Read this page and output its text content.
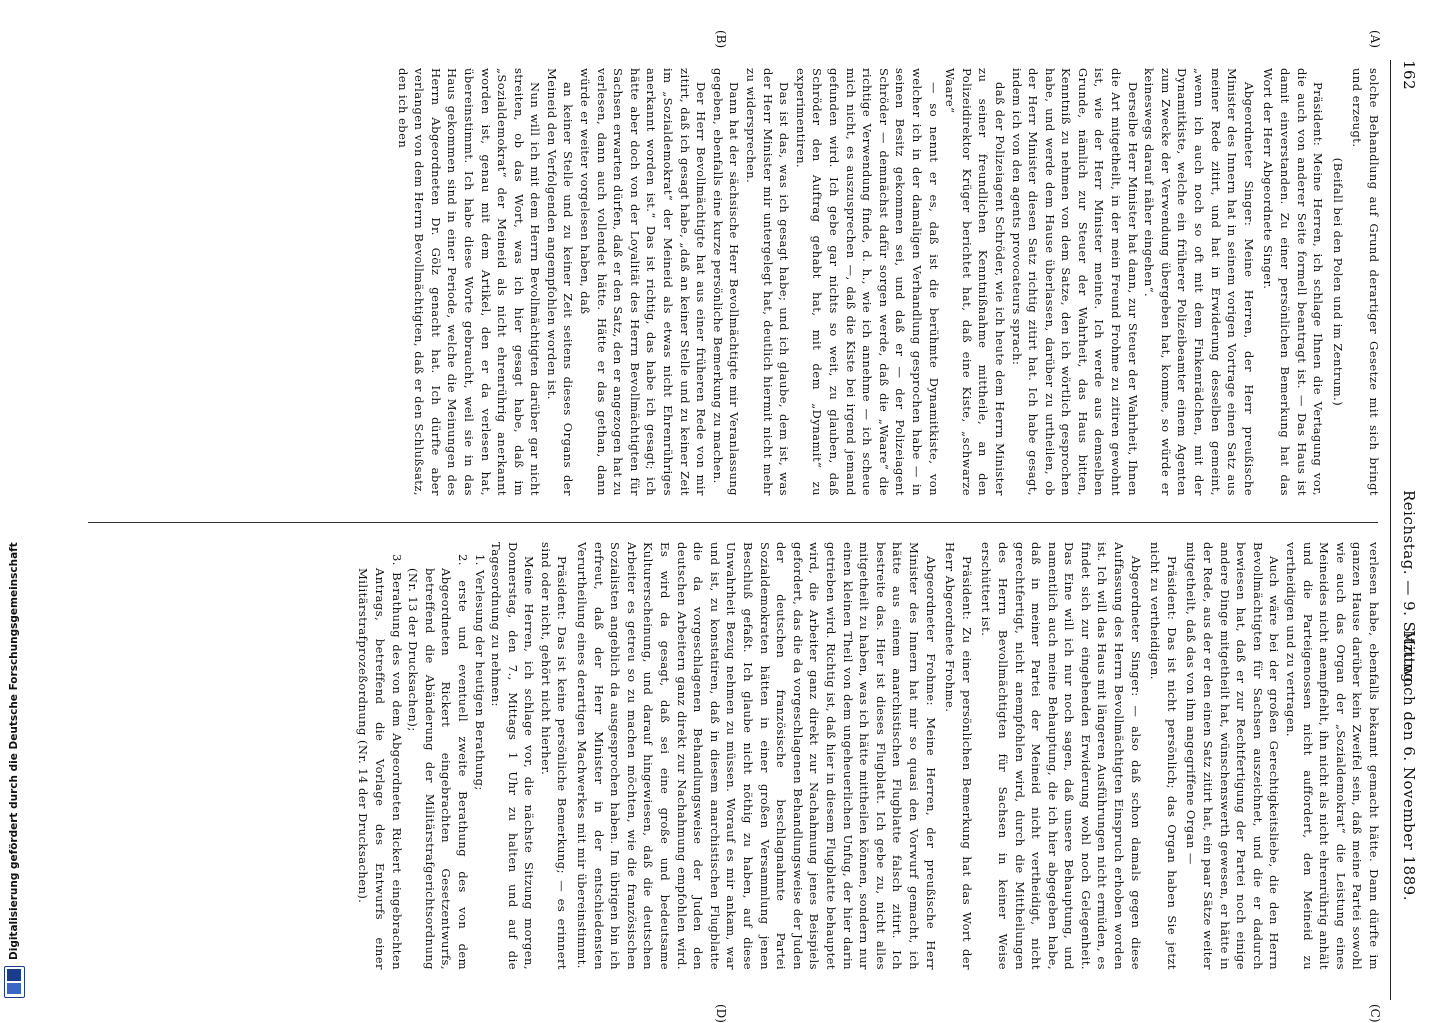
162
Reichstag. — 9. Sitzung.
Mittwoch den 6. November 1889.
(A)
(B)
(C)
(D)

solche Behandlung auf Grund derartiger Gesetze mit sich bringt und erzeugt.

(Beifall bei den Polen und im Zentrum.)

Präsident: Meine Herren, ich schlage Ihnen die Vertagung vor, die auch von anderer Seite formell beantragt ist. — Das Haus ist damit einverstanden. Zu einer persönlichen Bemerkung hat das Wort der Herr Abgeordnete Singer.

Abgeordneter Singer: Meine Herren, der Herr preußische Minister des Innern hat in seinem vorigen Vortrage einen Satz aus meiner Rede zitirt, und hat in Erwiderung desselben gemeint, „wenn ich auch noch so oft mit dem Finkenrädchen, mit der Dynamitkiste, welche ein früherer Polizeibeamter einem Agenten zum Zwecke der Verwendung übergeben hat, komme, so würde er keineswegs darauf näher eingehen“.

Derselbe Herr Minister hat dann, zur Steuer der Wahrheit, Ihnen die Art mitgetheilt, in der mein Freund Frohme zu zitiren gewohnt ist, wie der Herr Minister meinte. Ich werde aus demselben Grunde, nämlich zur Steuer der Wahrheit, das Haus bitten, Kenntniß zu nehmen von dem Satze, den ich wörtlich gesprochen habe, und werde dem Hause überlassen, darüber zu urtheilen, ob der Herr Minister diesen Satz richtig zitirt hat. Ich habe gesagt, indem ich von den agents provocateurs sprach:

daß der Polizeiagent Schröder, wie ich heute dem Herrn Minister zu seiner freundlichen Kenntnißnahme mittheile, an den Polizeidirektor Krüger berichtet hat, daß eine Kiste, „schwarze Waare“

— so nennt er es, daß ist die berühmte Dynamitkiste, von welcher ich in der damaligen Verhandlung gesprochen habe — in seinen Besitz gekommen sei, und daß er — der Polizeiagent Schröder — demnächst dafür sorgen werde, daß die „Waare“ die richtige Verwendung finde, d. h., wie ich annehme — ich scheue mich nicht, es auszusprechen —, daß die Kiste bei irgend jemand gefunden wird. Ich gebe gar nichts so weit, zu glauben, daß Schröder den Auftrag gehabt hat, mit dem „Dynamit“ zu experimentiren.

Das ist das, was ich gesagt habe; und ich glaube, dem ist, was der Herr Minister mir untergelegt hat, deutlich hiermit nicht mehr zu widersprechen.

Dann hat der sächsische Herr Bevollmächtigte mir Veranlassung gegeben, ebenfalls eine kurze persönliche Bemerkung zu machen.

Der Herr Bevollmächtigte hat aus einer früheren Rede von mir zitirt, daß ich gesagt habe, „daß an keiner Stelle und zu keiner Zeit im „Sozialdemokrat“ der Meineid als etwas nicht Ehrenrühriges anerkannt worden ist.“ Das ist richtig, das habe ich gesagt; ich hätte aber doch von der Loyalität des Herrn Bevollmächtigten für Sachsen erwarten dürfen, daß er den Satz, den er angezogen hat zu verlesen, dann auch vollendet hätte. Hätte er das gethan, dann würde er weiter vorgelesen haben, daß

an keiner Stelle und zu keiner Zeit seitens dieses Organs der Meineid den Verfolgenden angempfohlen worden ist.

Nun will ich mit dem Herrn Bevollmächtigten darüber gar nicht streiten, ob das Wort, was ich hier gesagt habe, daß im „Sozialdemokrat“ der Meineid als nicht ehrenrührig anerkannt worden ist, genau mit dem Artikel, den er da verlesen hat, übereinstimmt. Ich habe diese Worte gebraucht, weil sie in das Haus gekommen sind in einer Periode, welche die Meinungen des Herrn Abgeordneten Dr. Gölz genacht hat. Ich dürfte aber verlangen von dem Herrn Bevollmächtigten, daß er den Schlußsatz, den ich eben

verlesen habe, ebenfalls bekannt gemacht hätte. Dann dürfte im ganzen Hause darüber kein Zweifel sein, daß meine Partei sowohl wie auch das Organ der „Sozialdemokrat“ die Leistung eines Meineides nicht anempfiehlt, ihn nicht als nicht ehrenrührig anhält und die Parteigenossen nicht auffordert, den Meineid zu vertheidigen und zu vertragen.

Auch wäre bei der großen Gerechtigkeitsliebe, die den Herrn Bevollmächtigten für Sachsen auszeichnet, und die er dadurch bewiesen hat, daß er zur Rechtfertigung der Partei noch einige andere Dinge mitgetheilt hat, wünschenswerth gewesen, er hätte in der Rede, aus der er den einen Satz zitirt hat, ein paar Sätze weiter mitgetheilt, daß das von ihm angegriffene Organ —

Präsident: Das ist nicht persönlich; das Organ haben Sie jetzt nicht zu vertheidigen.

Abgeordneter Singer: — also daß schon damals gegen diese Auffassung des Herrn Bevollmächtigten Einspruch erhoben worden ist. Ich will das Haus mit längeren Ausführungen nicht ermüden, es findet sich zur eingehenden Erwiderung wohl noch Gelegenheit. Das Eine will ich nur noch sagen, daß unsere Behauptung, und namentlich auch meine Behauptung, die ich hier abgegeben habe, daß in meiner Partei der Meineid nicht vertheidigt, nicht gerechtfertigt, nicht anempfohlen wird, durch die Mittheilungen des Herrn Bevollmächtigten für Sachsen in keiner Weise erschüttert ist.

Präsident: Zu einer persönlichen Bemerkung hat das Wort der Herr Abgeordnete Frohme.

Abgeordneter Frohme: Meine Herren, der preußische Herr Minister des Innern hat mir so quasi den Vorwurf gemacht, ich hätte aus einem anarchistischen Flugblatte falsch zitirt. Ich bestreite das. Hier ist dieses Flugblatt. Ich gebe zu, nicht alles mitgetheilt zu haben, was ich hätte mittheilen können, sondern nur einen kleinen Theil von dem ungeheuerlichen Unfug, der hier darin getrieben wird. Richtig ist, daß hier in diesem Flugblatte behauptet wird, die Arbeiter ganz direkt zur Nachahmung jenes Beispiels gefordert, das die da vorgeschlagenen Behandlungsweise der Juden der deutschen französische beschlagnahmte Partei Sozialdemokraten hätten in einer großen Versammlung jenen Beschluß gefaßt. Ich glaube nicht nöthig zu haben, auf diese Unwahrheit Bezug nehmen zu müssen. Worauf es mir ankam, war und ist, zu konstatiren, daß in diesem anarchistischen Flugblatte die da vorgeschlagenen Behandlungsweise der Juden den deutschen Arbeitern ganz direkt zur Nachahmung empfohlen wird. Es wird da gesagt, daß sei eine große und bedeutsame Kulturerscheinung, und darauf hingewiesen, daß die deutschen Arbeiter es getreu so zu machen möchten, wie die französischen Sozialisten angeblich da ausgesprochen haben. Im übrigen bin ich erfreut, daß der Herr Minister in der entschiedensten Verurtheilung eines derartigen Machwerkes mit mir übereinstimmt.

Präsident: Das ist keine persönliche Bemerkung; — es erinnert sind oder nicht, gehört nicht hierher.

Meine Herren, ich schlage vor, die nächste Sitzung morgen, Donnerstag, den 7., Mittags 1 Uhr zu halten und auf die Tagesordnung zu nehmen:

1. Verlesung der heutigen Berathung;

2. erste und eventuell zweite Berathung des von dem Abgeordneten Rickert eingebrachten Gesetzentwurfs, betreffend die Abänderung der Militärstrafgerichtsordnung (Nr. 13 der Drucksachen);

3. Berathung des von dem Abgeordneten Rickert eingebrachten Antrags, betreffend die Vorlage des Entwurfs einer Militärstrafprozeßordnung (Nr. 14 der Drucksachen).

Digitalisierung gefördert durch die Deutsche Forschungsgemeinschaft
